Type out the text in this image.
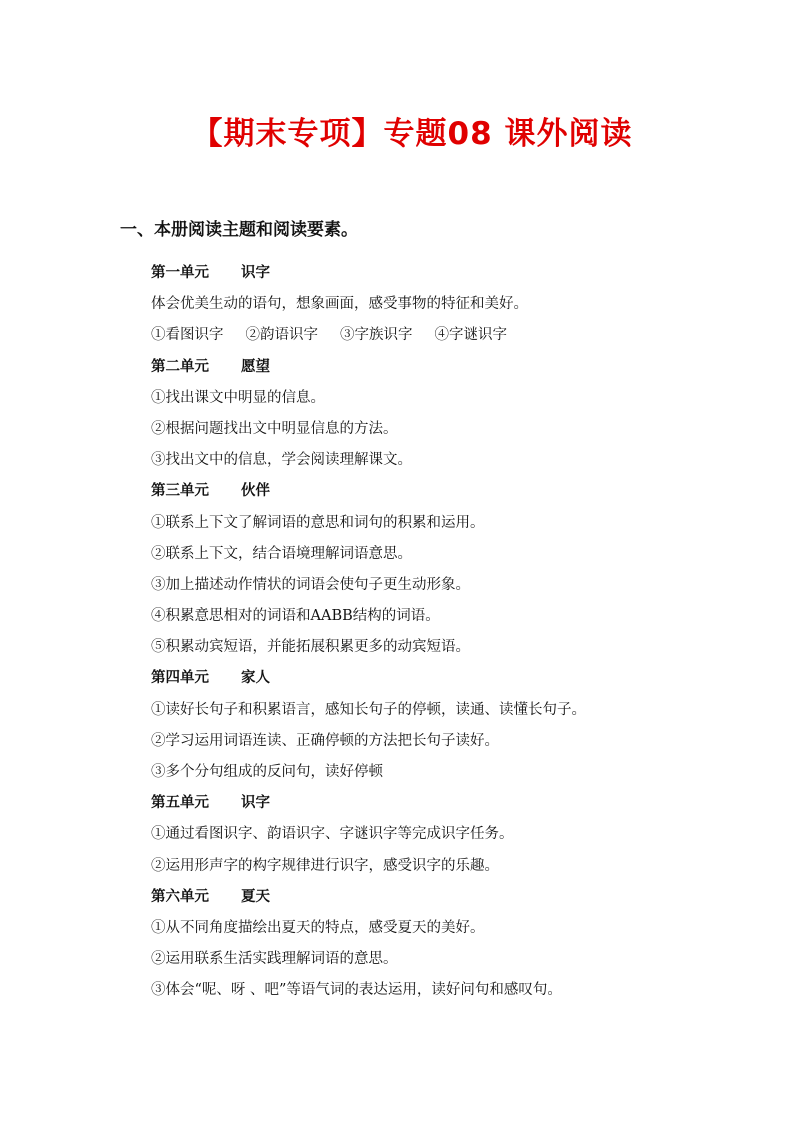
【期末专项】专题08 课外阅读
一、本册阅读主题和阅读要素。
第一单元 识字
体会优美生动的语句，想象画面，感受事物的特征和美好。
①看图识字 ②韵语识字 ③字族识字 ④字谜识字
第二单元 愿望
①找出课文中明显的信息。
②根据问题找出文中明显信息的方法。
③找出文中的信息，学会阅读理解课文。
第三单元 伙伴
①联系上下文了解词语的意思和词句的积累和运用。
②联系上下文，结合语境理解词语意思。
③加上描述动作情状的词语会使句子更生动形象。
④积累意思相对的词语和AABB结构的词语。
⑤积累动宾短语，并能拓展积累更多的动宾短语。
第四单元 家人
①读好长句子和积累语言，感知长句子的停顿，读通、读懂长句子。
②学习运用词语连读、正确停顿的方法把长句子读好。
③多个分句组成的反问句，读好停顿
第五单元 识字
①通过看图识字、韵语识字、字谜识字等完成识字任务。
②运用形声字的构字规律进行识字，感受识字的乐趣。
第六单元 夏天
①从不同角度描绘出夏天的特点，感受夏天的美好。
②运用联系生活实践理解词语的意思。
③体会“呢、呀 、吧”等语气词的表达运用，读好问句和感叹句。
